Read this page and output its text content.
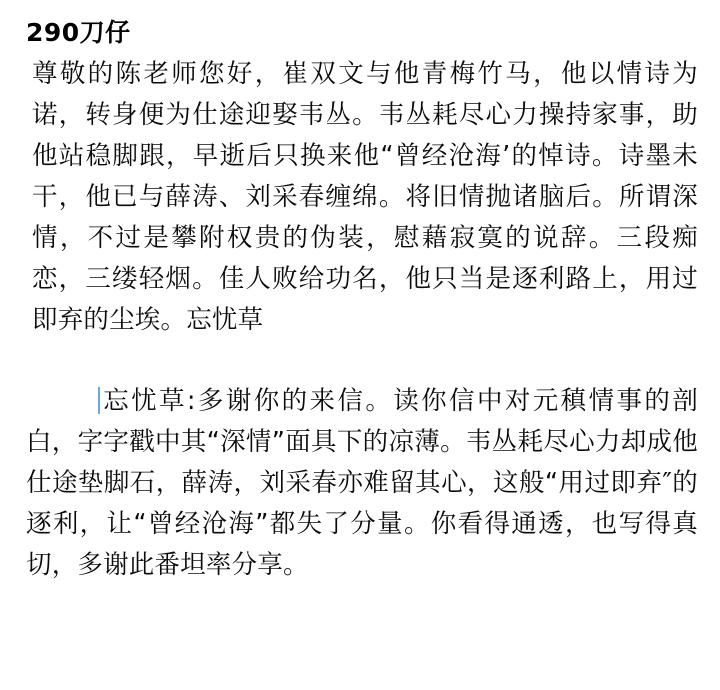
290刀仔

尊敬的陈老师您好，崔双文与他青梅竹马，他以情诗为诺，转身便为仕途迎娶韦丛。韦丛耗尽心力操持家事，助他站稳脚跟，早逝后只换来他“曾经沧海’的悼诗。诗墨未干，他已与薛涛、刘采春缠绵。将旧情抛诸脑后。所谓深情，不过是攀附权贵的伪装，慰藉寂寞的说辞。三段痴恋，三缕轻烟。佳人败给功名，他只当是逐利路上，用过即弃的尘埃。忘忧草

忘忧草:多谢你的来信。读你信中对元稹情事的剖白，字字戳中其“深情”面具下的凉薄。韦丛耗尽心力却成他仕途垫脚石，薛涛，刘采春亦难留其心，这般“用过即弃″的逐利，让“曾经沧海”都失了分量。你看得通透，也写得真切，多谢此番坦率分享。
